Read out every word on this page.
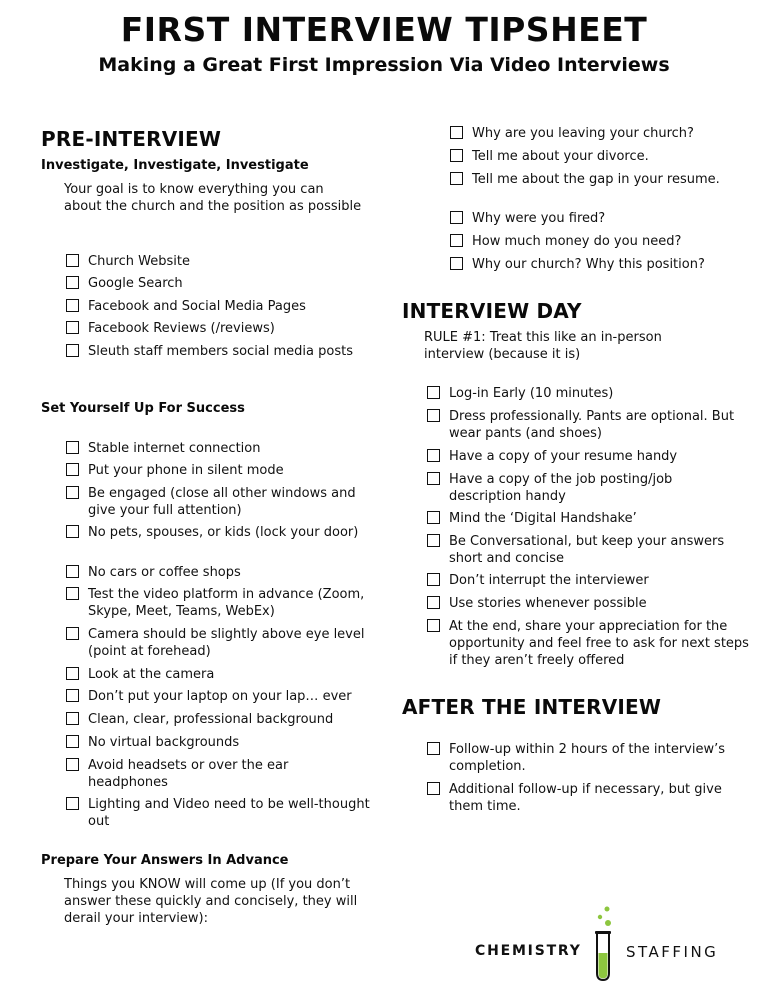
FIRST INTERVIEW TIPSHEET
Making a Great First Impression Via Video Interviews
PRE-INTERVIEW
Investigate, Investigate, Investigate
Your goal is to know everything you can about the church and the position as possible
Church Website
Google Search
Facebook and Social Media Pages
Facebook Reviews (/reviews)
Sleuth staff members social media posts
Set Yourself Up For Success
Stable internet connection
Put your phone in silent mode
Be engaged (close all other windows and give your full attention)
No pets, spouses, or kids (lock your door)
No cars or coffee shops
Test the video platform in advance (Zoom, Skype, Meet, Teams, WebEx)
Camera should be slightly above eye level (point at forehead)
Look at the camera
Don’t put your laptop on your lap… ever
Clean, clear, professional background
No virtual backgrounds
Avoid headsets or over the ear headphones
Lighting and Video need to be well-thought out
Prepare Your Answers In Advance
Things you KNOW will come up (If you don’t answer these quickly and concisely, they will derail your interview):
Why are you leaving your church?
Tell me about your divorce.
Tell me about the gap in your resume.
Why were you fired?
How much money do you need?
Why our church? Why this position?
INTERVIEW DAY
RULE #1: Treat this like an in-person interview (because it is)
Log-in Early (10 minutes)
Dress professionally. Pants are optional. But wear pants (and shoes)
Have a copy of your resume handy
Have a copy of the job posting/job description handy
Mind the ‘Digital Handshake’
Be Conversational, but keep your answers short and concise
Don’t interrupt the interviewer
Use stories whenever possible
At the end, share your appreciation for the opportunity and feel free to ask for next steps if they aren’t freely offered
AFTER THE INTERVIEW
Follow-up within 2 hours of the interview’s completion.
Additional follow-up if necessary, but give them time.
CHEMISTRY	STAFFING
